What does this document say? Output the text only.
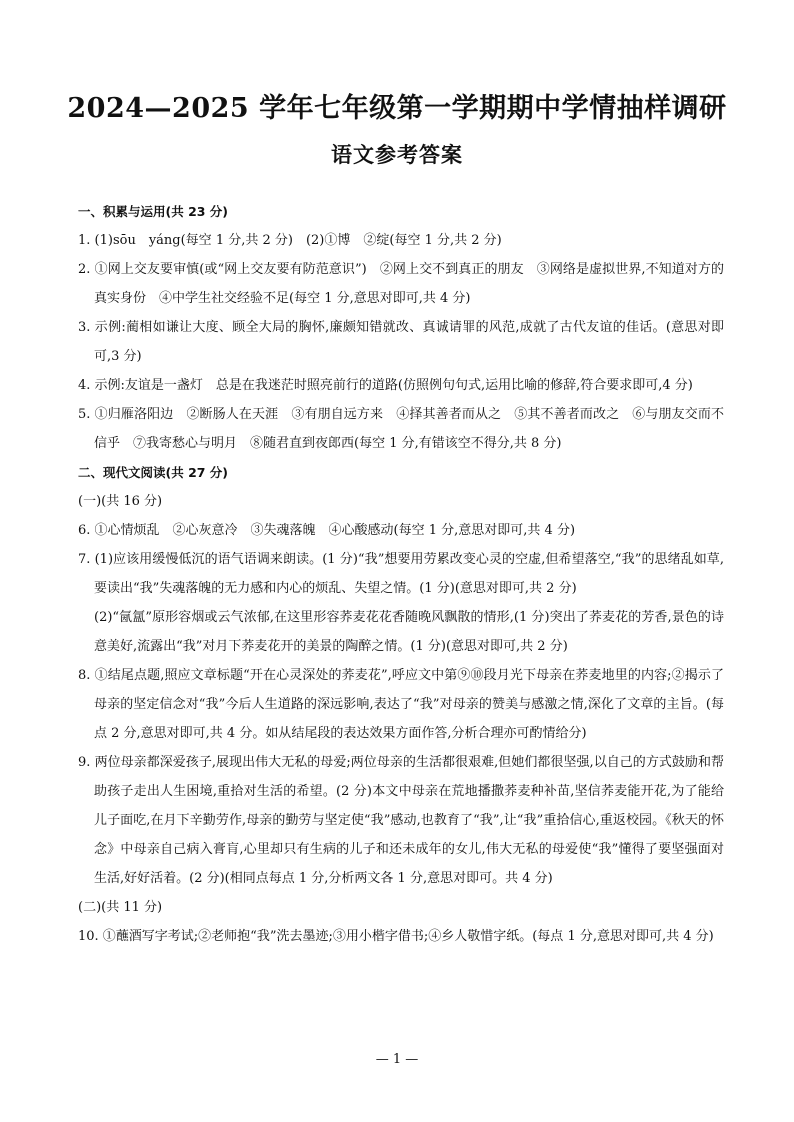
2024—2025 学年七年级第一学期期中学情抽样调研
语文参考答案
一、积累与运用(共 23 分)
1. (1)sōu　yáng(每空 1 分,共 2 分)　(2)①博　②绽(每空 1 分,共 2 分)
2. ①网上交友要审慎(或“网上交友要有防范意识”)　②网上交不到真正的朋友　③网络是虚拟世界,不知道对方的真实身份　④中学生社交经验不足(每空 1 分,意思对即可,共 4 分)
3. 示例:蔺相如谦让大度、顾全大局的胸怀,廉颇知错就改、真诚请罪的风范,成就了古代友谊的佳话。(意思对即可,3 分)
4. 示例:友谊是一盏灯　总是在我迷茫时照亮前行的道路(仿照例句句式,运用比喻的修辞,符合要求即可,4 分)
5. ①归雁洛阳边　②断肠人在天涯　③有朋自远方来　④择其善者而从之　⑤其不善者而改之　⑥与朋友交而不信乎　⑦我寄愁心与明月　⑧随君直到夜郎西(每空 1 分,有错该空不得分,共 8 分)
二、现代文阅读(共 27 分)
(一)(共 16 分)
6. ①心情烦乱　②心灰意冷　③失魂落魄　④心酸感动(每空 1 分,意思对即可,共 4 分)
7. (1)应该用缓慢低沉的语气语调来朗读。(1 分)“我”想要用劳累改变心灵的空虚,但希望落空,“我”的思绪乱如草,要读出“我”失魂落魄的无力感和内心的烦乱、失望之情。(1 分)(意思对即可,共 2 分)
(2)“氤氲”原形容烟或云气浓郁,在这里形容荞麦花花香随晚风飘散的情形,(1 分)突出了荞麦花的芳香,景色的诗意美好,流露出“我”对月下荞麦花开的美景的陶醉之情。(1 分)(意思对即可,共 2 分)
8. ①结尾点题,照应文章标题“开在心灵深处的荞麦花”,呼应文中第⑨⑩段月光下母亲在荞麦地里的内容;②揭示了母亲的坚定信念对“我”今后人生道路的深远影响,表达了“我”对母亲的赞美与感激之情,深化了文章的主旨。(每点 2 分,意思对即可,共 4 分。如从结尾段的表达效果方面作答,分析合理亦可酌情给分)
9. 两位母亲都深爱孩子,展现出伟大无私的母爱;两位母亲的生活都很艰难,但她们都很坚强,以自己的方式鼓励和帮助孩子走出人生困境,重拾对生活的希望。(2 分)本文中母亲在荒地播撒荞麦种补苗,坚信荞麦能开花,为了能给儿子面吃,在月下辛勤劳作,母亲的勤劳与坚定使“我”感动,也教育了“我”,让“我”重拾信心,重返校园。《秋天的怀念》中母亲自己病入膏肓,心里却只有生病的儿子和还未成年的女儿,伟大无私的母爱使“我”懂得了要坚强面对生活,好好活着。(2 分)(相同点每点 1 分,分析两文各 1 分,意思对即可。共 4 分)
(二)(共 11 分)
10. ①蘸酒写字考试;②老师抱“我”洗去墨迹;③用小楷字借书;④乡人敬惜字纸。(每点 1 分,意思对即可,共 4 分)
— 1 —
